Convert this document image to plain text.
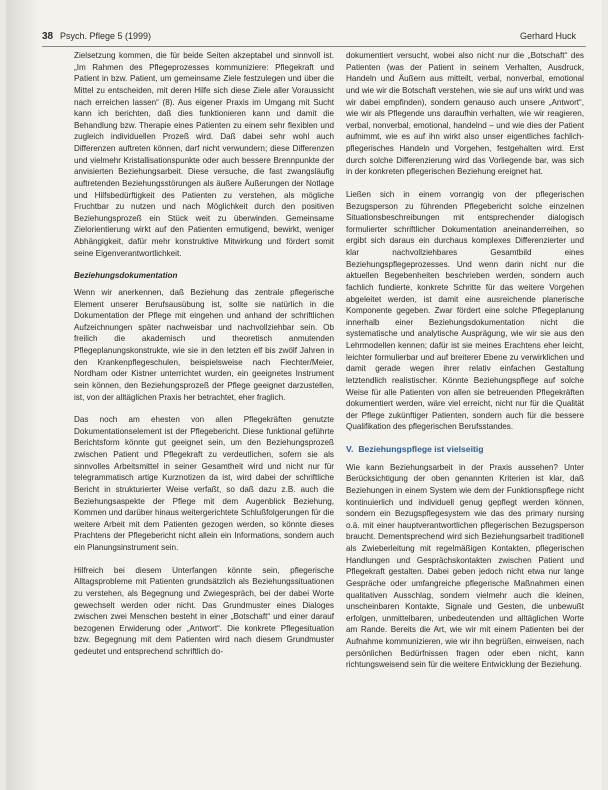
38 Psych. Pflege 5 (1999)	Gerhard Huck

Zielsetzung kommen, die für beide Seiten akzeptabel und sinnvoll ist. „Im Rahmen des Pflegeprozesses kommuniziere: Pflegekraft und Patient in bzw. Patient, um gemeinsame Ziele festzulegen und über die Mittel zu entscheiden, mit deren Hilfe sich diese Ziele aller Voraussicht nach erreichen lassen“ (8). Aus eigener Praxis im Umgang mit Sucht kann ich berichten, daß dies funktionieren kann und damit die Behandlung bzw. Therapie eines Patienten zu einem sehr flexiblen und zugleich individuellen Prozeß wird. Daß dabei sehr wohl auch Differenzen auftreten können, darf nicht verwundern; diese Differenzen und vielmehr Kristallisationspunkte oder auch bessere Brennpunkte der anvisierten Beziehungsarbeit. Diese versuche, die fast zwangsläufig auftretenden Beziehungsstörungen als äußere Äußerungen der Notlage und Hilfsbedürftigkeit des Patienten zu verstehen, als mögliche Fruchtbar zu nutzen und nach Möglichkeit durch den positiven Beziehungsprozeß ein Stück weit zu überwinden. Gemeinsame Zielorientierung wirkt auf den Patienten ermutigend, bewirkt, weniger Abhängigkeit, dafür mehr konstruktive Mitwirkung und fördert somit seine Eigenverantwortlichkeit.

Beziehungsdokumentation

Wenn wir anerkennen, daß Beziehung das zentrale pflegerische Element unserer Berufsausübung ist, sollte sie natürlich in die Dokumentation der Pflege mit eingehen und anhand der schriftlichen Aufzeichnungen später nachweisbar und nachvollziehbar sein. Ob freilich die akademisch und theoretisch anmutenden Pflegeplanungskonstrukte, wie sie in den letzten elf bis zwölf Jahren in den Krankenpflegeschulen, beispielsweise nach Fiechter/Meier, Nordham oder Kistner unterrichtet wurden, ein geeignetes Instrument sein können, den Beziehungsprozeß der Pflege geeignet darzustellen, ist, von der alltäglichen Praxis her betrachtet, eher fraglich.

Das noch am ehesten von allen Pflegekräften genutzte Dokumentationselement ist der Pflegebericht. Diese funktional geführte Berichtsform könnte gut geeignet sein, um den Beziehungsprozeß zwischen Patient und Pflegekraft zu verdeutlichen, sofern sie als sinnvolles Arbeitsmittel in seiner Gesamtheit wird und nicht nur für telegrammatisch artige Kurznotizen da ist, wird dabei der schriftliche Bericht in strukturierter Weise verfaßt, so daß dazu z.B. auch die Beziehungsaspekte der Pflege mit dem Augenblick Beziehung, Kommen und darüber hinaus weitergerichtete Schlußfolgerungen für die weitere Arbeit mit dem Patienten gezogen werden, so könnte dieses Prachtens der Pflegebericht nicht allein ein Informations, sondern auch ein Planungsinstrument sein.

Hilfreich bei diesem Unterfangen könnte sein, pflegerische Alltagsprobleme mit Patienten grundsätzlich als Beziehungssituationen zu verstehen, als Begegnung und Zwiegespräch, bei der dabei Worte gewechselt werden oder nicht. Das Grundmuster eines Dialoges zwischen zwei Menschen besteht in einer „Botschaft“ und einer darauf bezogenen Erwiderung oder „Antwort“. Die konkrete Pflegesituation bzw. Begegnung mit dem Patienten wird nach diesem Grundmuster gedeutet und entsprechend schriftlich do-

dokumentiert versucht, wobei also nicht nur die „Botschaft“ des Patienten (was der Patient in seinem Verhalten, Ausdruck, Handeln und Äußern aus mitteilt, verbal, nonverbal, emotional und wie wir die Botschaft verstehen, wie sie auf uns wirkt und was wir dabei empfinden), sondern genauso auch unsere „Antwort“, wie wir als Pflegende uns daraufhin verhalten, wie wir reagieren, verbal, nonverbal, emotional, handelnd – und wie dies der Patient aufnimmt, wie es auf ihn wirkt also unser eigentliches fachlich-pflegerisches Handeln und Vorgehen, festgehalten wird. Erst durch solche Differenzierung wird das Vorliegende bar, was sich in der konkreten pflegerischen Beziehung ereignet hat.

Ließen sich in einem vorrangig von der pflegerischen Bezugsperson zu führenden Pflegebericht solche einzelnen Situationsbeschreibungen mit entsprechender dialogisch formulierter schriftlicher Dokumentation aneinanderreihen, so ergibt sich daraus ein durchaus komplexes Differenzierter und klar nachvollziehbares Gesamtbild eines Beziehungspflegeprozesses. Und wenn darin nicht nur die aktuellen Begebenheiten beschrieben werden, sondern auch fachlich fundierte, konkrete Schritte für das weitere Vorgehen abgeleitet werden, ist damit eine ausreichende planerische Komponente gegeben. Zwar fördert eine solche Pflegeplanung innerhalb einer Beziehungsdokumentation nicht die systematische und analytische Ausprägung, wie wir sie aus den Lehrmodellen kennen; dafür ist sie meines Erachtens eher leicht, leichter formulierbar und auf breiterer Ebene zu verwirklichen und damit gerade wegen ihrer relativ einfachen Gestaltung letztendlich realistischer. Könnte Beziehungspflege auf solche Weise für alle Patienten von allen sie betreuenden Pflegekräften dokumentiert werden, wäre viel erreicht, nicht nur für die Qualität der Pflege zukünftiger Patienten, sondern auch für die bessere Qualifikation des pflegerischen Berufsstandes.

V. Beziehungspflege ist vielseitig

Wie kann Beziehungsarbeit in der Praxis aussehen? Unter Berücksichtigung der oben genannten Kriterien ist klar, daß Beziehungen in einem System wie dem der Funktionspflege nicht kontinuierlich und individuell genug gepflegt werden können, sondern ein Bezugspflegesystem wie das des primary nursing o.ä. mit einer hauptverantwortlichen pflegerischen Bezugsperson braucht. Dementsprechend wird sich Beziehungsarbeit traditionell als Zwieberleitung mit regelmäßigen Kontakten, pflegerischen Handlungen und Gesprächskontakten zwischen Patient und Pflegekraft gestalten. Dabei geben jedoch nicht etwa nur lange Gespräche oder umfangreiche pflegerische Maßnahmen einen qualitativen Ausschlag, sondern vielmehr auch die kleinen, unscheinbaren Kontakte, Signale und Gesten, die unbewußt erfolgen, unmittelbaren, unbedeutenden und alltäglichen Worte am Rande. Bereits die Art, wie wir mit einem Patienten bei der Aufnahme kommunizieren, wie wir ihn begrüßen, einweisen, nach persönlichen Bedürfnissen fragen oder eben nicht, kann richtungsweisend sein für die weitere Entwicklung der Beziehung.
